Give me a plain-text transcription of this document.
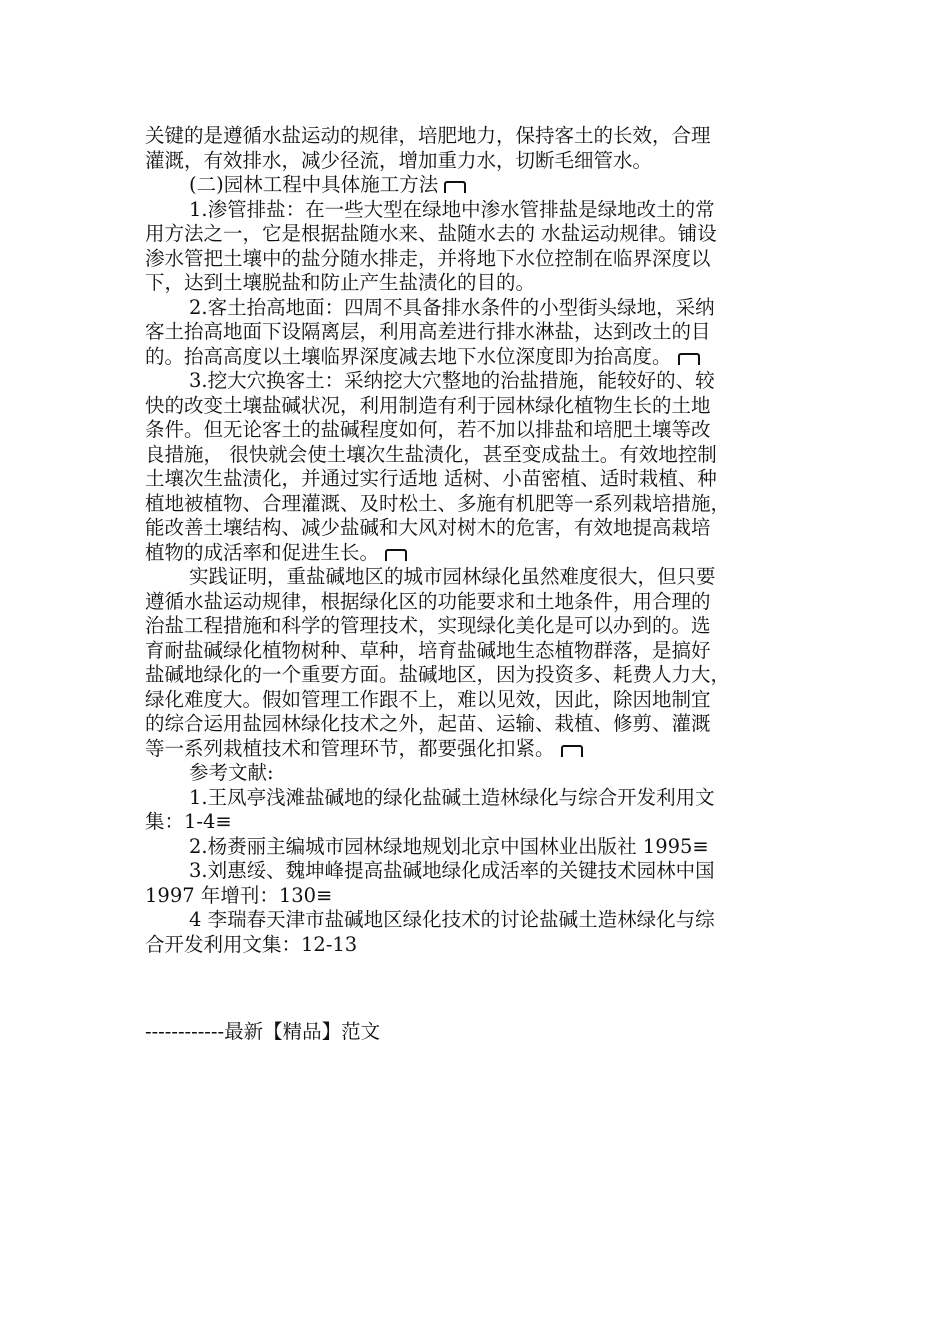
关键的是遵循水盐运动的规律，培肥地力，保持客土的长效，合理
灌溉，有效排水，减少径流，增加重力水，切断毛细管水。
(二)园林工程中具体施工方法
1.渗管排盐：在一些大型在绿地中渗水管排盐是绿地改土的常
用方法之一，它是根据盐随水来、盐随水去的 水盐运动规律。铺设
渗水管把土壤中的盐分随水排走，并将地下水位控制在临界深度以
下，达到土壤脱盐和防止产生盐渍化的目的。
2.客土抬高地面：四周不具备排水条件的小型街头绿地，采纳
客土抬高地面下设隔离层，利用高差进行排水淋盐，达到改土的目
的。抬高高度以土壤临界深度减去地下水位深度即为抬高度。
3.挖大穴换客土：采纳挖大穴整地的治盐措施，能较好的、较
快的改变土壤盐碱状况，利用制造有利于园林绿化植物生长的土地
条件。但无论客土的盐碱程度如何，若不加以排盐和培肥土壤等改
良措施， 很快就会使土壤次生盐渍化，甚至变成盐土。有效地控制
土壤次生盐渍化，并通过实行适地 适树、小苗密植、适时栽植、种
植地被植物、合理灌溉、及时松土、多施有机肥等一系列栽培措施，
能改善土壤结构、减少盐碱和大风对树木的危害，有效地提高栽培
植物的成活率和促进生长。
实践证明，重盐碱地区的城市园林绿化虽然难度很大，但只要
遵循水盐运动规律，根据绿化区的功能要求和土地条件，用合理的
治盐工程措施和科学的管理技术，实现绿化美化是可以办到的。选
育耐盐碱绿化植物树种、草种，培育盐碱地生态植物群落，是搞好
盐碱地绿化的一个重要方面。盐碱地区，因为投资多、耗费人力大，
绿化难度大。假如管理工作跟不上，难以见效，因此，除因地制宜
的综合运用盐园林绿化技术之外，起苗、运输、栽植、修剪、灌溉
等一系列栽植技术和管理环节，都要强化扣紧。
参考文献:
1.王凤亭浅滩盐碱地的绿化盐碱土造林绿化与综合开发利用文
集：1-4≡
2.杨赉丽主编城市园林绿地规划北京中国林业出版社 1995≡
3.刘惠绥、魏坤峰提高盐碱地绿化成活率的关键技术园林中国
1997 年增刊：130≡
4 李瑞春天津市盐碱地区绿化技术的讨论盐碱土造林绿化与综
合开发利用文集：12-13
------------最新【精品】范文
